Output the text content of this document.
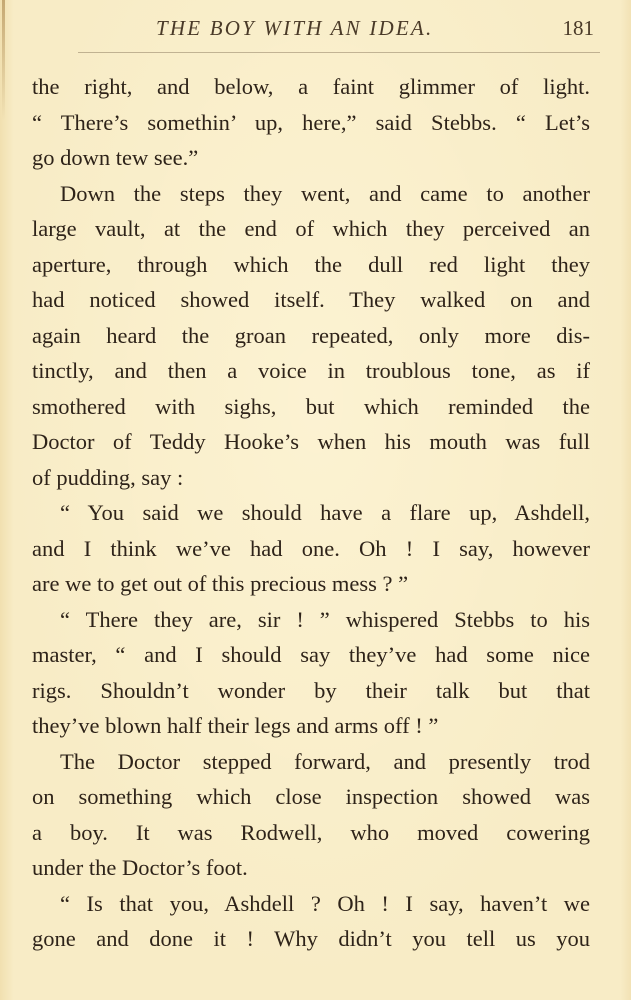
THE BOY WITH AN IDEA.	181
the right, and below, a faint glimmer of light.
“ There’s somethin’ up, here,” said Stebbs. “ Let’s
go down tew see.”
Down the steps they went, and came to another
large vault, at the end of which they perceived an
aperture, through which the dull red light they
had noticed showed itself. They walked on and
again heard the groan repeated, only more dis-
tinctly, and then a voice in troublous tone, as if
smothered with sighs, but which reminded the
Doctor of Teddy Hooke’s when his mouth was full
of pudding, say :
“ You said we should have a flare up, Ashdell,
and I think we’ve had one. Oh ! I say, however
are we to get out of this precious mess ? ”
“ There they are, sir ! ” whispered Stebbs to his
master, “ and I should say they’ve had some nice
rigs. Shouldn’t wonder by their talk but that
they’ve blown half their legs and arms off ! ”
The Doctor stepped forward, and presently trod
on something which close inspection showed was
a boy. It was Rodwell, who moved cowering
under the Doctor’s foot.
“ Is that you, Ashdell ? Oh ! I say, haven’t we
gone and done it ! Why didn’t you tell us you
